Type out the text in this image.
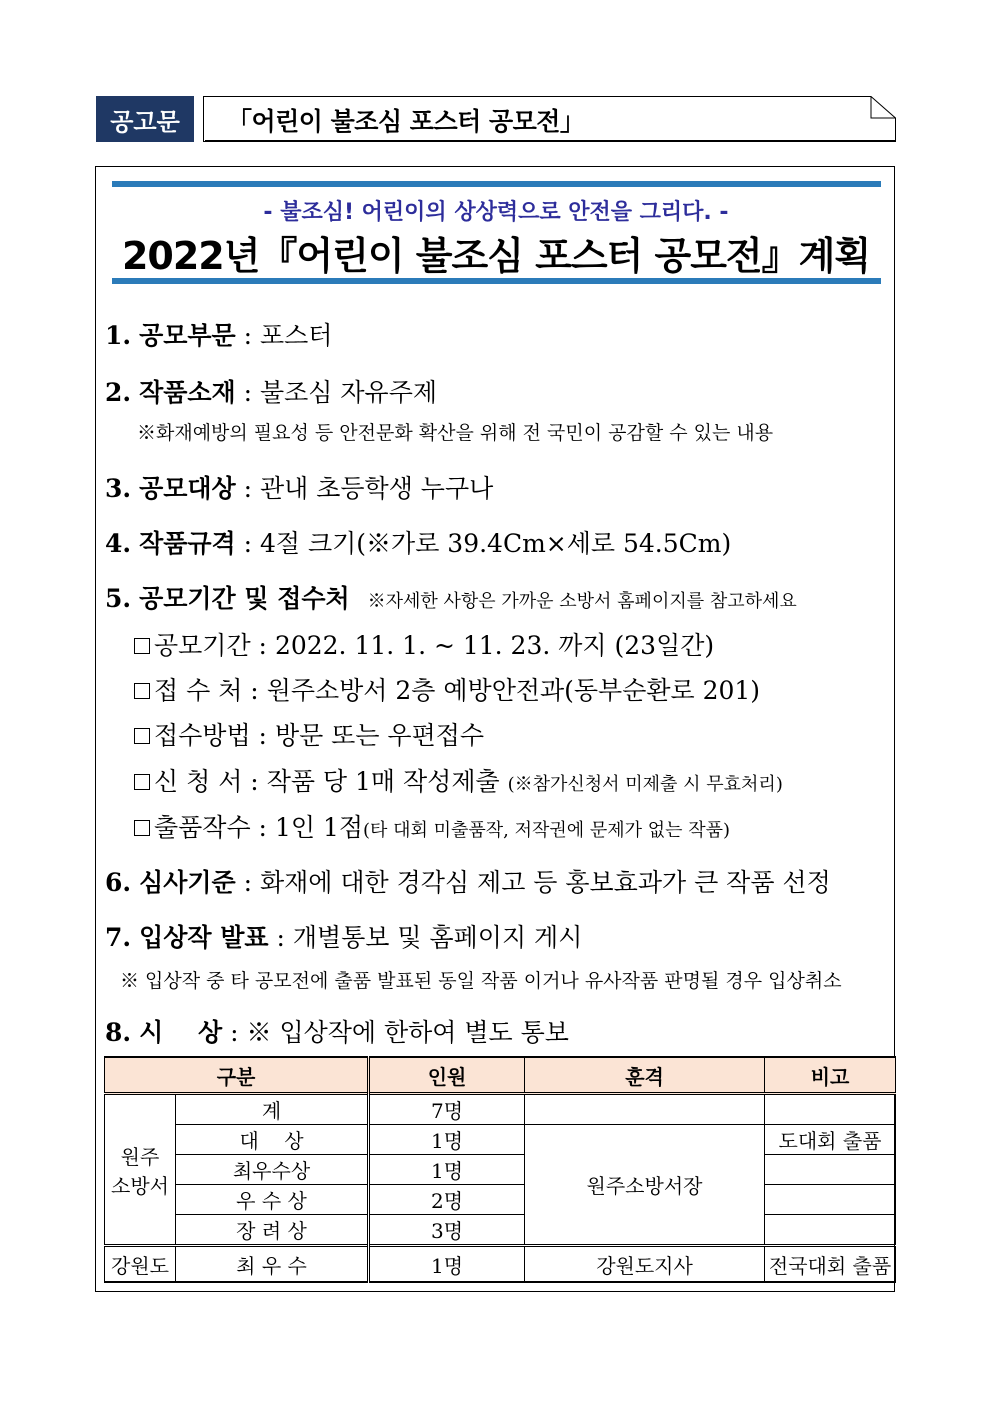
공고문	「어린이 불조심 포스터 공모전」
- 불조심! 어린이의 상상력으로 안전을 그리다. -
2022년『어린이 불조심 포스터 공모전』계획
1. 공모부문 : 포스터
2. 작품소재 : 불조심 자유주제
※화재예방의 필요성 등 안전문화 확산을 위해 전 국민이 공감할 수 있는 내용
3. 공모대상 : 관내 초등학생 누구나
4. 작품규격 : 4절 크기(※가로 39.4Cm×세로 54.5Cm)
5. 공모기간 및 접수처 ※자세한 사항은 가까운 소방서 홈페이지를 참고하세요
공모기간 : 2022. 11. 1. ~ 11. 23. 까지 (23일간)
접 수 처 : 원주소방서 2층 예방안전과(동부순환로 201)
접수방법 : 방문 또는 우편접수
신 청 서 : 작품 당 1매 작성제출 (※참가신청서 미제출 시 무효처리)
출품작수 : 1인 1점(타 대회 미출품작, 저작권에 문제가 없는 작품)
6. 심사기준 : 화재에 대한 경각심 제고 등 홍보효과가 큰 작품 선정
7. 입상작 발표 : 개별통보 및 홈페이지 게시
※ 입상작 중 타 공모전에 출품 발표된 동일 작품 이거나 유사작품 판명될 경우 입상취소
8. 시    상 : ※ 입상작에 한하여 별도 통보
구분		인원	훈격	비고

원주
소방서	계	7명		
	대    상	1명	원주소방서장	도대회 출품
	최우수상	1명		
	우 수 상	2명		
	장 려 상	3명		
강원도	최 우 수	1명	강원도지사	전국대회 출품
